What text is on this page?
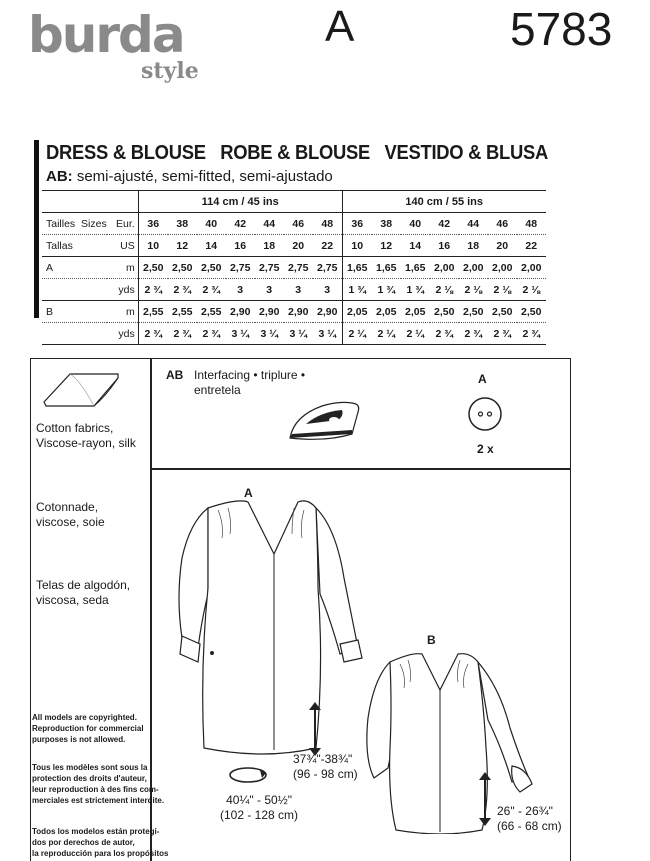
burda
style
A	5783
DRESS & BLOUSE   ROBE & BLOUSE   VESTIDO & BLUSA
AB: semi-ajusté, semi-fitted, semi-ajustado
		114 cm / 45 ins							140 cm / 55 ins						
Tailles  Sizes	Eur.	36	38	40	42	44	46	48	36	38	40	42	44	46	48
Tallas	US	10	12	14	16	18	20	22	10	12	14	16	18	20	22
A	m	2,50	2,50	2,50	2,75	2,75	2,75	2,75	1,65	1,65	1,65	2,00	2,00	2,00	2,00
	yds	2 ¾	2 ¾	2 ¾	3	3	3	3	1 ¾	1 ¾	1 ¾	2 ⅛	2 ⅛	2 ⅛	2 ⅛
B	m	2,55	2,55	2,55	2,90	2,90	2,90	2,90	2,05	2,05	2,05	2,50	2,50	2,50	2,50
	yds	2 ¾	2 ¾	2 ¾	3 ¼	3 ¼	3 ¼	3 ¼	2 ¼	2 ¼	2 ¼	2 ¾	2 ¾	2 ¾	2 ¾
Cotton fabrics,
Viscose-rayon, silk
Cotonnade,
viscose, soie
Telas de algodón,
viscosa, seda
All models are copyrighted.
Reproduction for commercial
purposes is not allowed.
Tous les modèles sont sous la
protection des droits d'auteur,
leur reproduction à des fins com-
merciales est strictement interdite.
Todos los modelos están protegi-
dos por derechos de autor,
la reproducción para los propósitos
AB Interfacing • triplure •
entretela
A
2 x
A
37¾"-38¾"
(96 - 98 cm)
40¼" - 50½"
(102 - 128 cm)
B
26" - 26¾"
(66 - 68 cm)
